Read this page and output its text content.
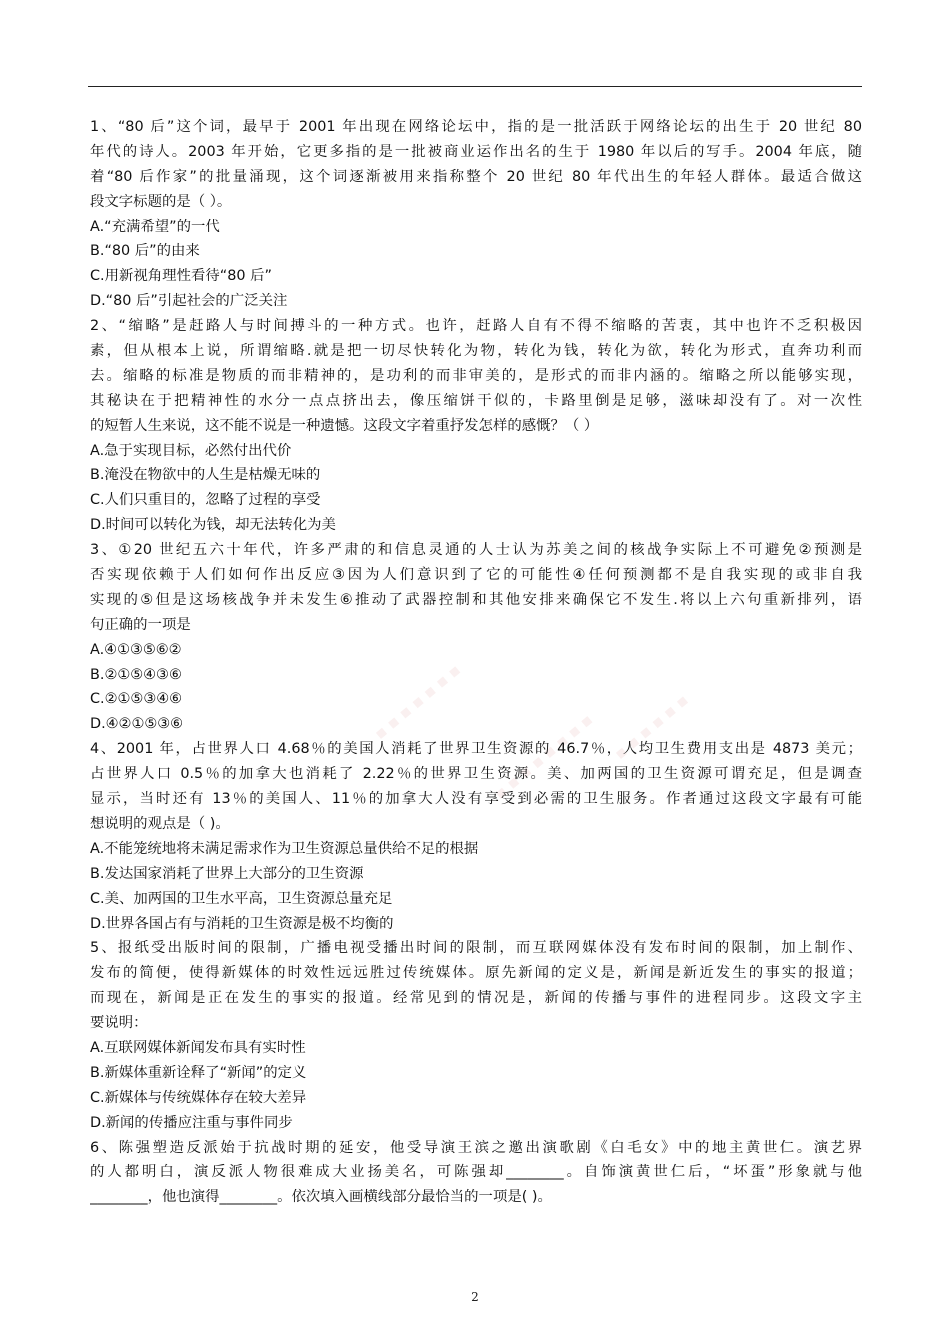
▪ ▪ ▪ ▪ ▪ ▪ ▪
▪ ▪ ▪ ▪ ▪ ▪ ▪ ▪ ▪ ▪ ▪ ▪ ▪ ▪
1、“80 后”这个词，最早于 2001 年出现在网络论坛中，指的是一批活跃于网络论坛的出生于 20 世纪 80
年代的诗人。2003 年开始，它更多指的是一批被商业运作出名的生于 1980 年以后的写手。2004 年底，随
着“80 后作家”的批量涌现，这个词逐渐被用来指称整个 20 世纪 80 年代出生的年轻人群体。最适合做这
段文字标题的是（ ）。
A.“充满希望”的一代
B.“80 后”的由来
C.用新视角理性看待“80 后”
D.“80 后”引起社会的广泛关注
2、“缩略”是赶路人与时间搏斗的一种方式。也许，赶路人自有不得不缩略的苦衷，其中也许不乏积极因
素，但从根本上说，所谓缩略.就是把一切尽快转化为物，转化为钱，转化为欲，转化为形式，直奔功利而
去。缩略的标准是物质的而非精神的，是功利的而非审美的，是形式的而非内涵的。缩略之所以能够实现，
其秘诀在于把精神性的水分一点点挤出去，像压缩饼干似的，卡路里倒是足够，滋味却没有了。对一次性
的短暂人生来说，这不能不说是一种遗憾。这段文字着重抒发怎样的感慨？（ ）
A.急于实现目标，必然付出代价
B.淹没在物欲中的人生是枯燥无味的
C.人们只重目的，忽略了过程的享受
D.时间可以转化为钱，却无法转化为美
3、①20 世纪五六十年代，许多严肃的和信息灵通的人士认为苏美之间的核战争实际上不可避免②预测是
否实现依赖于人们如何作出反应③因为人们意识到了它的可能性④任何预测都不是自我实现的或非自我
实现的⑤但是这场核战争并未发生⑥推动了武器控制和其他安排来确保它不发生.将以上六句重新排列，语
句正确的一项是
A.④①③⑤⑥②
B.②①⑤④③⑥
C.②①⑤③④⑥
D.④②①⑤③⑥
4、2001 年，占世界人口 4.68％的美国人消耗了世界卫生资源的 46.7％，人均卫生费用支出是 4873 美元；
占世界人口 0.5％的加拿大也消耗了 2.22％的世界卫生资源。美、加两国的卫生资源可谓充足，但是调查
显示，当时还有 13％的美国人、11％的加拿大人没有享受到必需的卫生服务。作者通过这段文字最有可能
想说明的观点是（ )。
A.不能笼统地将未满足需求作为卫生资源总量供给不足的根据
B.发达国家消耗了世界上大部分的卫生资源
C.美、加两国的卫生水平高，卫生资源总量充足
D.世界各国占有与消耗的卫生资源是极不均衡的
5、报纸受出版时间的限制，广播电视受播出时间的限制，而互联网媒体没有发布时间的限制，加上制作、
发布的简便，使得新媒体的时效性远远胜过传统媒体。原先新闻的定义是，新闻是新近发生的事实的报道；
而现在，新闻是正在发生的事实的报道。经常见到的情况是，新闻的传播与事件的进程同步。这段文字主
要说明：
A.互联网媒体新闻发布具有实时性
B.新媒体重新诠释了“新闻”的定义
C.新媒体与传统媒体存在较大差异
D.新闻的传播应注重与事件同步
6、陈强塑造反派始于抗战时期的延安，他受导演王滨之邀出演歌剧《白毛女》中的地主黄世仁。演艺界
的人都明白，演反派人物很难成大业扬美名，可陈强却________。自饰演黄世仁后，“坏蛋”形象就与他
________，他也演得________。依次填入画横线部分最恰当的一项是( )。
2
